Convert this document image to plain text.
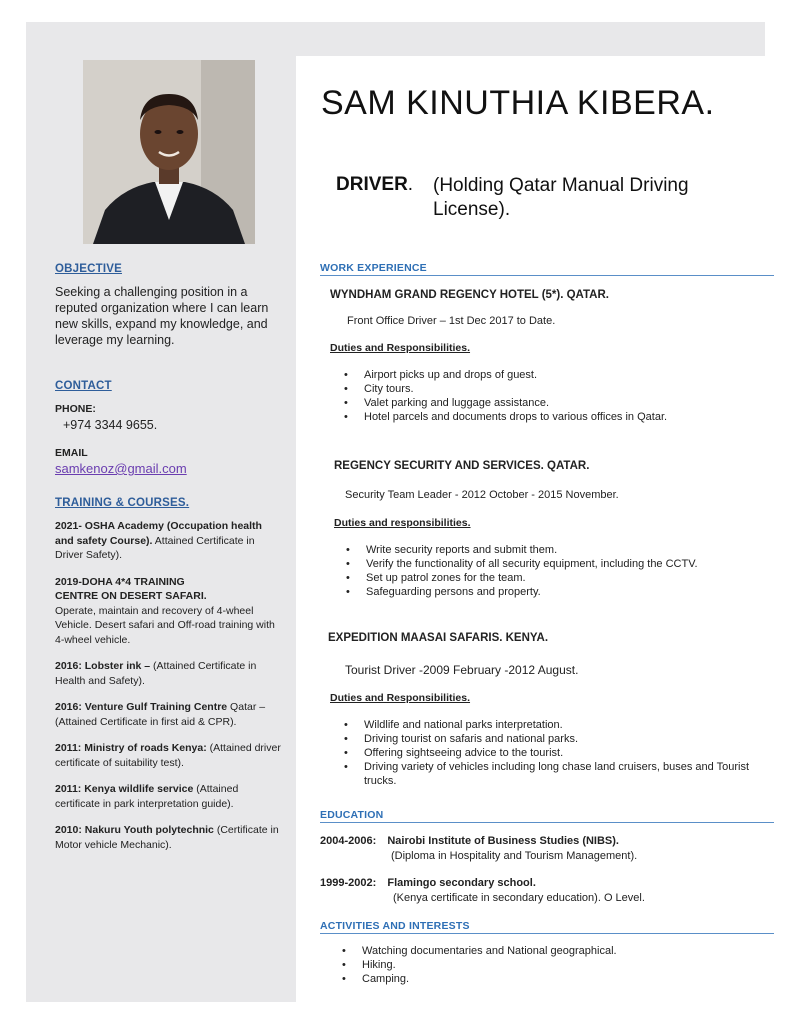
OBJECTIVE
Seeking a challenging position in a reputed organization where I can learn new skills, expand my knowledge, and leverage my learning.
CONTACT
PHONE:
+974 3344 9655.
EMAIL
samkenoz@gmail.com
TRAINING & COURSES.
2021- OSHA Academy (Occupation health and safety Course). Attained Certificate in Driver Safety).
2019-DOHA 4*4 TRAINING CENTRE ON DESERT SAFARI.
Operate, maintain and recovery of 4-wheel Vehicle. Desert safari and Off-road training with 4-wheel vehicle.
2016: Lobster ink – (Attained Certificate in Health and Safety).
2016: Venture Gulf Training Centre Qatar – (Attained Certificate in first aid & CPR).
2011: Ministry of roads Kenya: (Attained driver certificate of suitability test).
2011: Kenya wildlife service (Attained certificate in park interpretation guide).
2010: Nakuru Youth polytechnic (Certificate in Motor vehicle Mechanic).
SAM KINUTHIA KIBERA.
DRIVER. (Holding Qatar Manual Driving License).
WORK EXPERIENCE
WYNDHAM GRAND REGENCY HOTEL (5*). QATAR.
Front Office Driver – 1st Dec 2017 to Date.
Duties and Responsibilities.
• Airport picks up and drops of guest.
• City tours.
• Valet parking and luggage assistance.
• Hotel parcels and documents drops to various offices in Qatar.
REGENCY SECURITY AND SERVICES. QATAR.
Security Team Leader - 2012 October - 2015 November.
Duties and responsibilities.
• Write security reports and submit them.
• Verify the functionality of all security equipment, including the CCTV.
• Set up patrol zones for the team.
• Safeguarding persons and property.
EXPEDITION MAASAI SAFARIS. KENYA.
Tourist Driver -2009 February -2012 August.
Duties and Responsibilities.
• Wildlife and national parks interpretation.
• Driving tourist on safaris and national parks.
• Offering sightseeing advice to the tourist.
• Driving variety of vehicles including long chase land cruisers, buses and Tourist trucks.
EDUCATION
2004-2006: Nairobi Institute of Business Studies (NIBS).
(Diploma in Hospitality and Tourism Management).
1999-2002: Flamingo secondary school.
(Kenya certificate in secondary education). O Level.
ACTIVITIES AND INTERESTS
• Watching documentaries and National geographical.
• Hiking.
• Camping.
